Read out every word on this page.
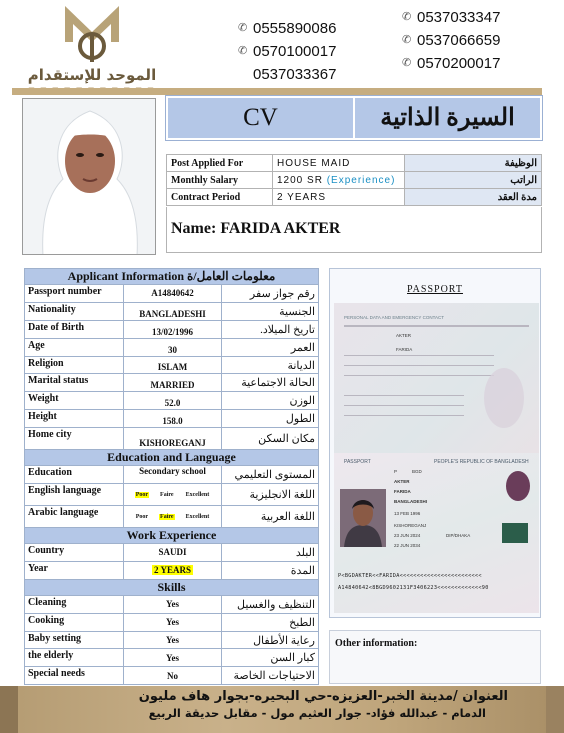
الموحد للإستقدام
✆ 0555890086
✆ 0570100017
0537033367
✆ 0537033347
✆ 0537066659
✆ 0570200017
CV	السيرة الذاتية
Post Applied For	HOUSE MAID	الوظيفة
Monthly Salary	1200 SR (Experience)	الراتب
Contract Period	2 YEARS	مدة العقد
Name: FARIDA AKTER
Applicant Information معلومات العامل/ة		
Passport number	A14840642	رقم جواز سفر
Nationality	BANGLADESHI	الجنسية
Date of Birth	13/02/1996	تاريخ الميلاد.
Age	30	العمر
Religion	ISLAM	الديانة
Marital status	MARRIED	الحالة الاجتماعية
Weight	52.0	الوزن
Height	158.0	الطول
Home city	KISHOREGANJ	مكان السكن
Education and Language		
Education	Secondary school	المستوى التعليمي
English language	Poor Faire Excellent	اللغة الانجليزية
Arabic language	Poor Faire Excellent	اللغة العربية
Work Experience		
Country	SAUDI	البلد
Year	2 YEARS	المدة
Skills		
Cleaning	Yes	التنظيف والغسيل
Cooking	Yes	الطبخ
Baby setting	Yes	رعاية الأطفال
the elderly	Yes	كبار السن
Special needs	No	الاحتياجات الخاصة
PASSPORT
PERSONAL DATA AND EMERGENCY CONTACT
AKTER
FARIDA
PASSPORT	PEOPLE'S REPUBLIC OF BANGLADESH
P	BGD
AKTER
FARIDA
BANGLADESHI
13 FEB 1996
KISHOREGANJ
23 JUN 2024
22 JUN 2034
DIP/DHAKA
P<BGDAKTER<<FARIDA<<<<<<<<<<<<<<<<<<<<<<<<
A14840642<8BGD9602131F3406223<<<<<<<<<<<<<90
Other information:
العنوان /مدينة الخبر-العزيزه-حي البحيره-بجوار هاف مليون
الدمام - عبدالله فؤاد- جوار العثيم مول - مقابل حديقة الربيع
